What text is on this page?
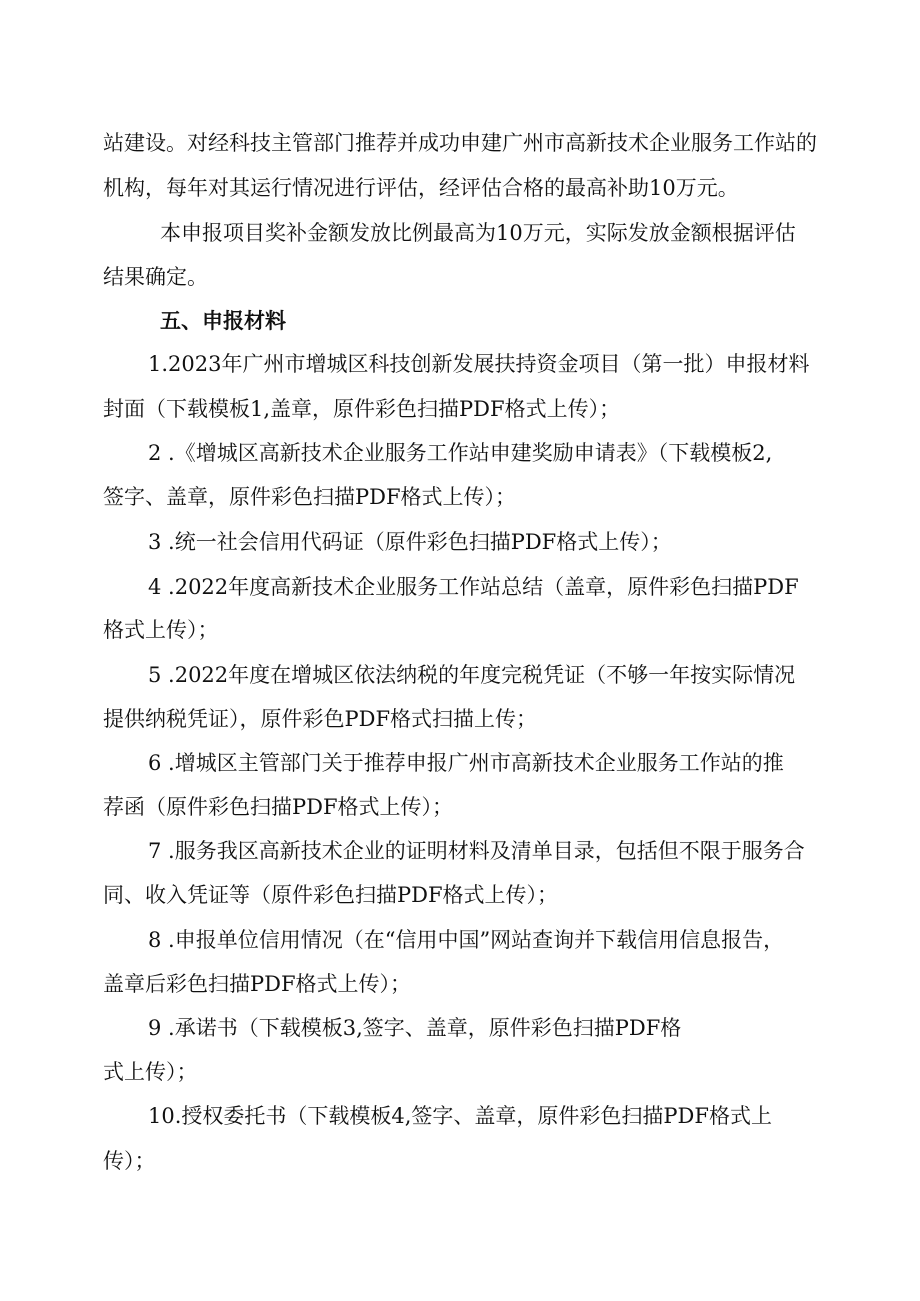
站建设。对经科技主管部门推荐并成功申建广州市高新技术企业服务工作站的
机构，每年对其运行情况进行评估，经评估合格的最高补助10万元。
本申报项目奖补金额发放比例最高为10万元，实际发放金额根据评估
结果确定。
五、申报材料
1.2023年广州市增城区科技创新发展扶持资金项目（第一批）申报材料
封面（下载模板1,盖章，原件彩色扫描PDF格式上传）；
2 .《增城区高新技术企业服务工作站申建奖励申请表》（下载模板2,
签字、盖章，原件彩色扫描PDF格式上传）；
3 .统一社会信用代码证（原件彩色扫描PDF格式上传）；
4 .2022年度高新技术企业服务工作站总结（盖章，原件彩色扫描PDF
格式上传）；
5 .2022年度在增城区依法纳税的年度完税凭证（不够一年按实际情况
提供纳税凭证），原件彩色PDF格式扫描上传；
6 .增城区主管部门关于推荐申报广州市高新技术企业服务工作站的推
荐函（原件彩色扫描PDF格式上传）；
7 .服务我区高新技术企业的证明材料及清单目录，包括但不限于服务合
同、收入凭证等（原件彩色扫描PDF格式上传）；
8 .申报单位信用情况（在“信用中国”网站查询并下载信用信息报告，
盖章后彩色扫描PDF格式上传）；
9 .承诺书（下载模板3,签字、盖章，原件彩色扫描PDF格
式上传）；
10.授权委托书（下载模板4,签字、盖章，原件彩色扫描PDF格式上
传）；
